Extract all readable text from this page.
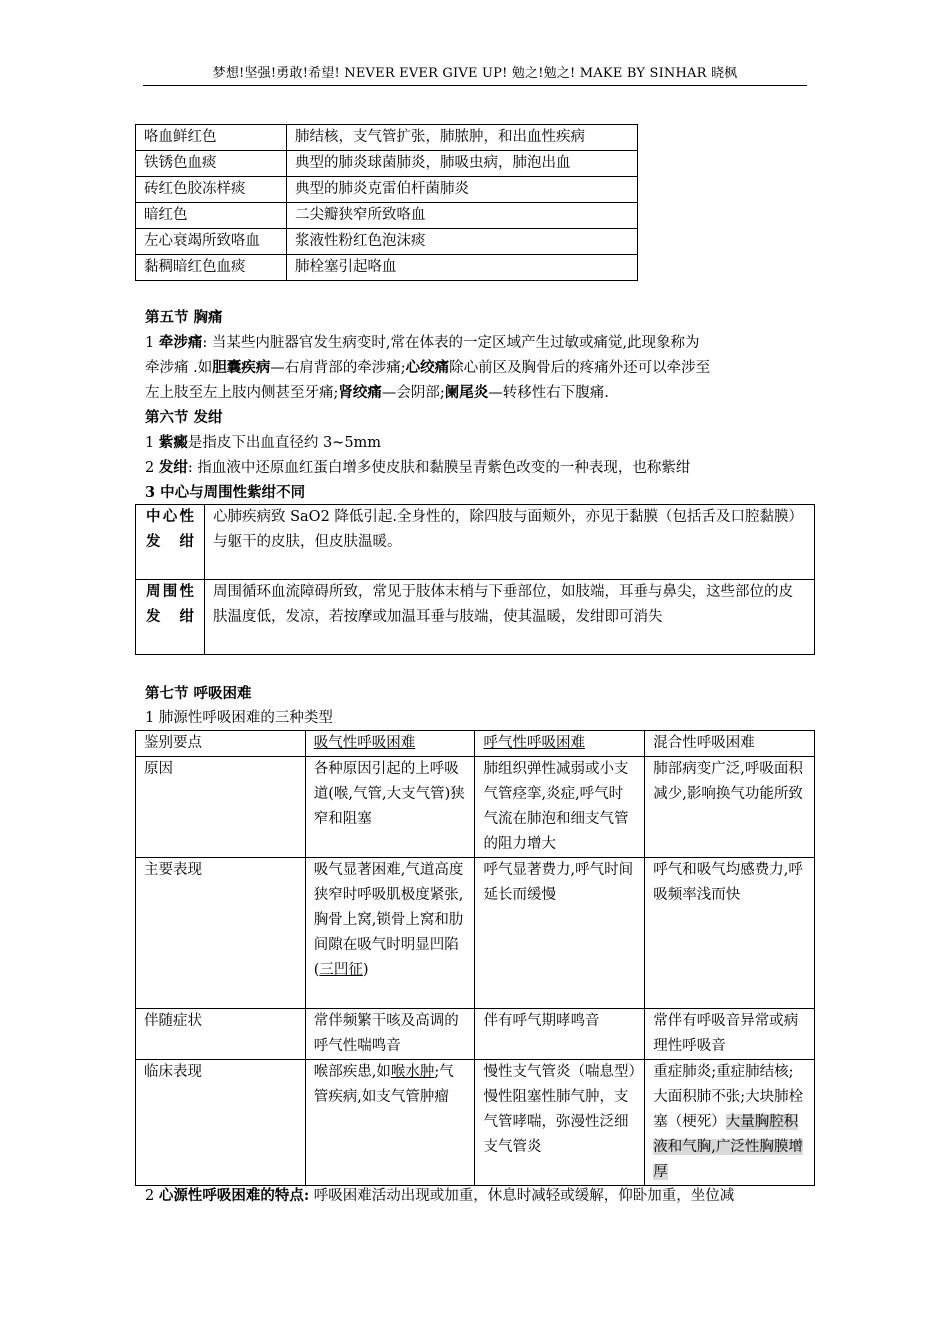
梦想!坚强!勇敢!希望! NEVER EVER GIVE UP! 勉之!勉之! MAKE BY SINHAR 晓枫
咯血鲜红色	肺结核，支气管扩张，肺脓肿，和出血性疾病
铁锈色血痰	典型的肺炎球菌肺炎，肺吸虫病，肺泡出血
砖红色胶冻样痰	典型的肺炎克雷伯杆菌肺炎
暗红色	二尖瓣狭窄所致咯血
左心衰竭所致咯血	浆液性粉红色泡沫痰
黏稠暗红色血痰	肺栓塞引起咯血
第五节 胸痛
1 牵涉痛: 当某些内脏器官发生病变时,常在体表的一定区域产生过敏或痛觉,此现象称为
牵涉痛 .如胆囊疾病—右肩背部的牵涉痛;心绞痛除心前区及胸骨后的疼痛外还可以牵涉至
左上肢至左上肢内侧甚至牙痛;肾绞痛—会阴部;阑尾炎—转移性右下腹痛.
第六节 发绀
1 紫癜是指皮下出血直径约 3~5mm
2 发绀: 指血液中还原血红蛋白增多使皮肤和黏膜呈青紫色改变的一种表现，也称紫绀
3 中心与周围性紫绀不同
中心性发绀	心肺疾病致 SaO2 降低引起.全身性的，除四肢与面颊外，亦见于黏膜（包括舌及口腔黏膜）与躯干的皮肤，但皮肤温暖。
周围性发绀	周围循环血流障碍所致，常见于肢体末梢与下垂部位，如肢端，耳垂与鼻尖，这些部位的皮肤温度低，发凉，若按摩或加温耳垂与肢端，使其温暖，发绀即可消失
第七节 呼吸困难
1 肺源性呼吸困难的三种类型
鉴别要点	吸气性呼吸困难	呼气性呼吸困难	混合性呼吸困难
原因	各种原因引起的上呼吸道(喉,气管,大支气管)狭窄和阻塞	肺组织弹性减弱或小支气管痉挛,炎症,呼气时气流在肺泡和细支气管的阻力增大	肺部病变广泛,呼吸面积减少,影响换气功能所致
主要表现	吸气显著困难,气道高度狭窄时呼吸肌极度紧张,胸骨上窝,锁骨上窝和肋间隙在吸气时明显凹陷(三凹征)	呼气显著费力,呼气时间延长而缓慢	呼气和吸气均感费力,呼吸频率浅而快
伴随症状	常伴频繁干咳及高调的呼气性喘鸣音	伴有呼气期哮鸣音	常伴有呼吸音异常或病理性呼吸音
临床表现	喉部疾患,如喉水肿;气管疾病,如支气管肿瘤	慢性支气管炎（喘息型）慢性阻塞性肺气肿，支气管哮喘，弥漫性泛细支气管炎	重症肺炎;重症肺结核;大面积肺不张;大块肺栓塞（梗死）大量胸腔积液和气胸,广泛性胸膜增厚
2 心源性呼吸困难的特点: 呼吸困难活动出现或加重，休息时减轻或缓解，仰卧加重，坐位减
